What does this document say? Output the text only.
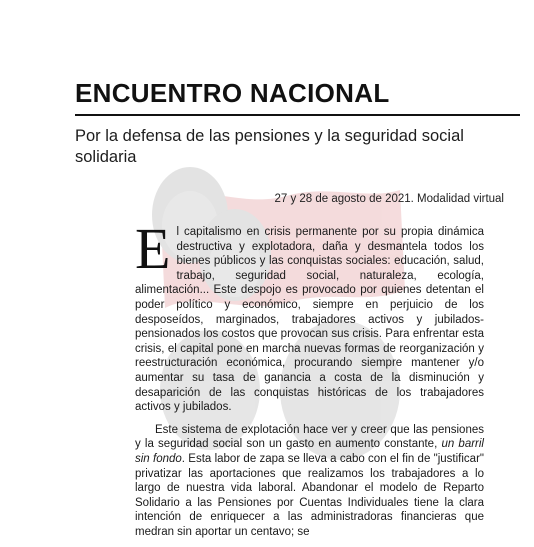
ENCUENTRO NACIONAL
Por la defensa de las pensiones y la seguridad social solidaria
27 y 28 de agosto de 2021. Modalidad virtual

El capitalismo en crisis permanente por su propia dinámica destructiva y explotadora, daña y desmantela todos los bienes públicos y las conquistas sociales: educación, salud, trabajo, seguridad social, naturaleza, ecología, alimentación... Este despojo es provocado por quienes detentan el poder político y económico, siempre en perjuicio de los desposeídos, marginados, trabajadores activos y jubilados-pensionados los costos que provocan sus crisis. Para enfrentar esta crisis, el capital pone en marcha nuevas formas de reorganización y reestructuración económica, procurando siempre mantener y/o aumentar su tasa de ganancia a costa de la disminución y desaparición de las conquistas históricas de los trabajadores activos y jubilados.

Este sistema de explotación hace ver y creer que las pensiones y la seguridad social son un gasto en aumento constante, un barril sin fondo. Esta labor de zapa se lleva a cabo con el fin de "justificar" privatizar las aportaciones que realizamos los trabajadores a lo largo de nuestra vida laboral. Abandonar el modelo de Reparto Solidario a las Pensiones por Cuentas Individuales tiene la clara intención de enriquecer a las administradoras financieras que medran sin aportar un centavo; se
